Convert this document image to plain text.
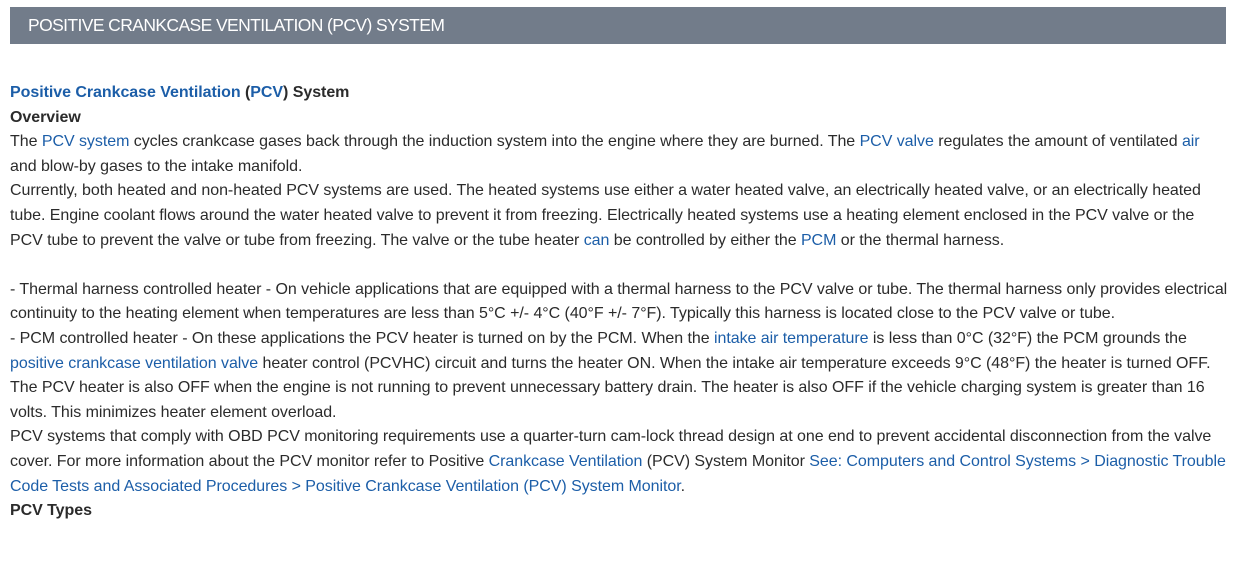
POSITIVE CRANKCASE VENTILATION (PCV) SYSTEM

Positive Crankcase Ventilation (PCV) System

Overview

The PCV system cycles crankcase gases back through the induction system into the engine where they are burned. The PCV valve regulates the amount of ventilated air and blow-by gases to the intake manifold.

Currently, both heated and non-heated PCV systems are used. The heated systems use either a water heated valve, an electrically heated valve, or an electrically heated tube. Engine coolant flows around the water heated valve to prevent it from freezing. Electrically heated systems use a heating element enclosed in the PCV valve or the PCV tube to prevent the valve or tube from freezing. The valve or the tube heater can be controlled by either the PCM or the thermal harness.

- Thermal harness controlled heater - On vehicle applications that are equipped with a thermal harness to the PCV valve or tube. The thermal harness only provides electrical continuity to the heating element when temperatures are less than 5°C +/- 4°C (40°F +/- 7°F). Typically this harness is located close to the PCV valve or tube.

- PCM controlled heater - On these applications the PCV heater is turned on by the PCM. When the intake air temperature is less than 0°C (32°F) the PCM grounds the positive crankcase ventilation valve heater control (PCVHC) circuit and turns the heater ON. When the intake air temperature exceeds 9°C (48°F) the heater is turned OFF. The PCV heater is also OFF when the engine is not running to prevent unnecessary battery drain. The heater is also OFF if the vehicle charging system is greater than 16 volts. This minimizes heater element overload.

PCV systems that comply with OBD PCV monitoring requirements use a quarter-turn cam-lock thread design at one end to prevent accidental disconnection from the valve cover. For more information about the PCV monitor refer to Positive Crankcase Ventilation (PCV) System Monitor See: Computers and Control Systems > Diagnostic Trouble Code Tests and Associated Procedures > Positive Crankcase Ventilation (PCV) System Monitor.

PCV Types
